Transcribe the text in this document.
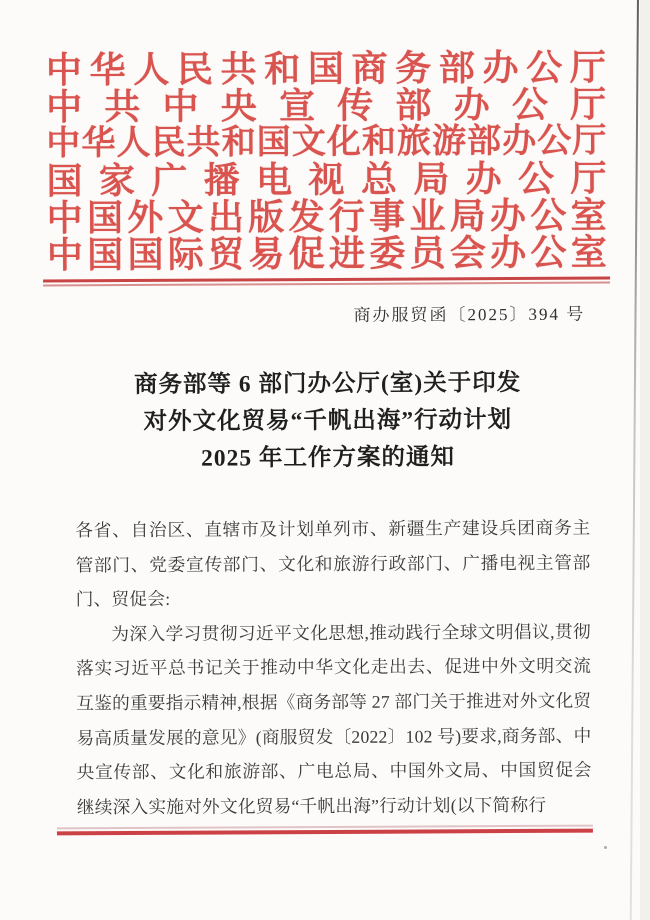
中 华 人 民 共 和 国 商 务 部 办 公 厅
中 共 中 央 宣 传 部 办 公 厅
中 华 人 民 共 和 国 文 化 和 旅 游 部 办 公 厅
国 家 广 播 电 视 总 局 办 公 厅
中 国 外 文 出 版 发 行 事 业 局 办 公 室
中 国 国 际 贸 易 促 进 委 员 会 办 公 室
商办服贸函〔2025〕394 号
商务部等 6 部门办公厅(室)关于印发
对外文化贸易“千帆出海”行动计划
2025 年工作方案的通知

各省、自治区、直辖市及计划单列市、新疆生产建设兵团商务主管部门、党委宣传部门、文化和旅游行政部门、广播电视主管部门、贸促会:

为深入学习贯彻习近平文化思想,推动践行全球文明倡议,贯彻落实习近平总书记关于推动中华文化走出去、促进中外文明交流互鉴的重要指示精神,根据《商务部等 27 部门关于推进对外文化贸易高质量发展的意见》(商服贸发〔2022〕102 号)要求,商务部、中央宣传部、文化和旅游部、广电总局、中国外文局、中国贸促会继续深入实施对外文化贸易“千帆出海”行动计划(以下简称行
